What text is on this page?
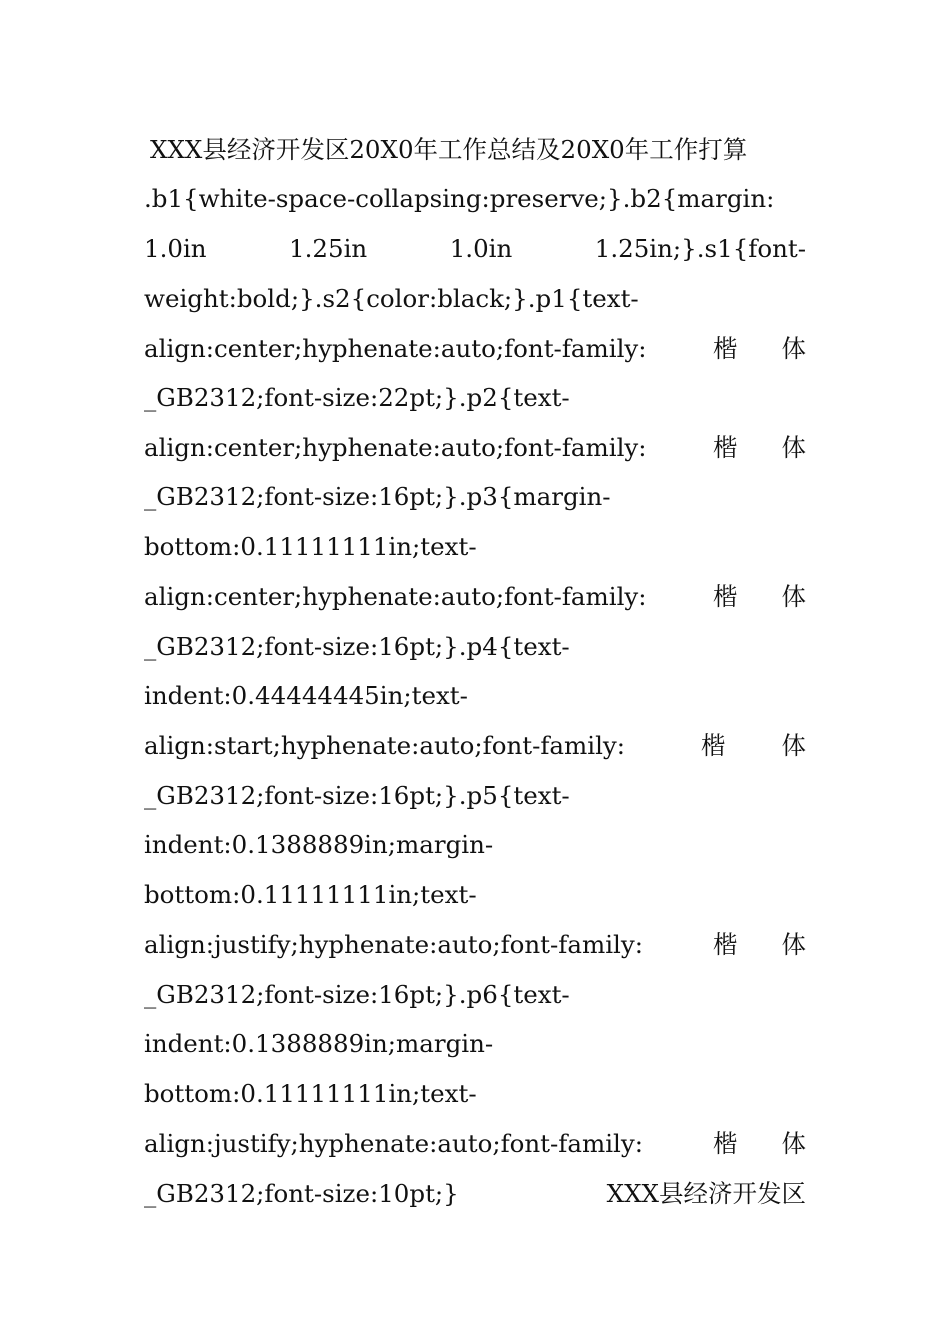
XXX县经济开发区20X0年工作总结及20X0年工作打算
.b1{white-space-collapsing:preserve;}.b2{margin:
1.0in	1.25in	1.0in	1.25in;}.s1{font-
weight:bold;}.s2{color:black;}.p1{text-
align:center;hyphenate:auto;font-family:	楷 体
_GB2312;font-size:22pt;}.p2{text-
align:center;hyphenate:auto;font-family:	楷 体
_GB2312;font-size:16pt;}.p3{margin-
bottom:0.11111111in;text-
align:center;hyphenate:auto;font-family:	楷 体
_GB2312;font-size:16pt;}.p4{text-
indent:0.44444445in;text-
align:start;hyphenate:auto;font-family:	楷 体
_GB2312;font-size:16pt;}.p5{text-
indent:0.1388889in;margin-
bottom:0.11111111in;text-
align:justify;hyphenate:auto;font-family:	楷 体
_GB2312;font-size:16pt;}.p6{text-
indent:0.1388889in;margin-
bottom:0.11111111in;text-
align:justify;hyphenate:auto;font-family:	楷 体
_GB2312;font-size:10pt;}	XXX县经济开发区
